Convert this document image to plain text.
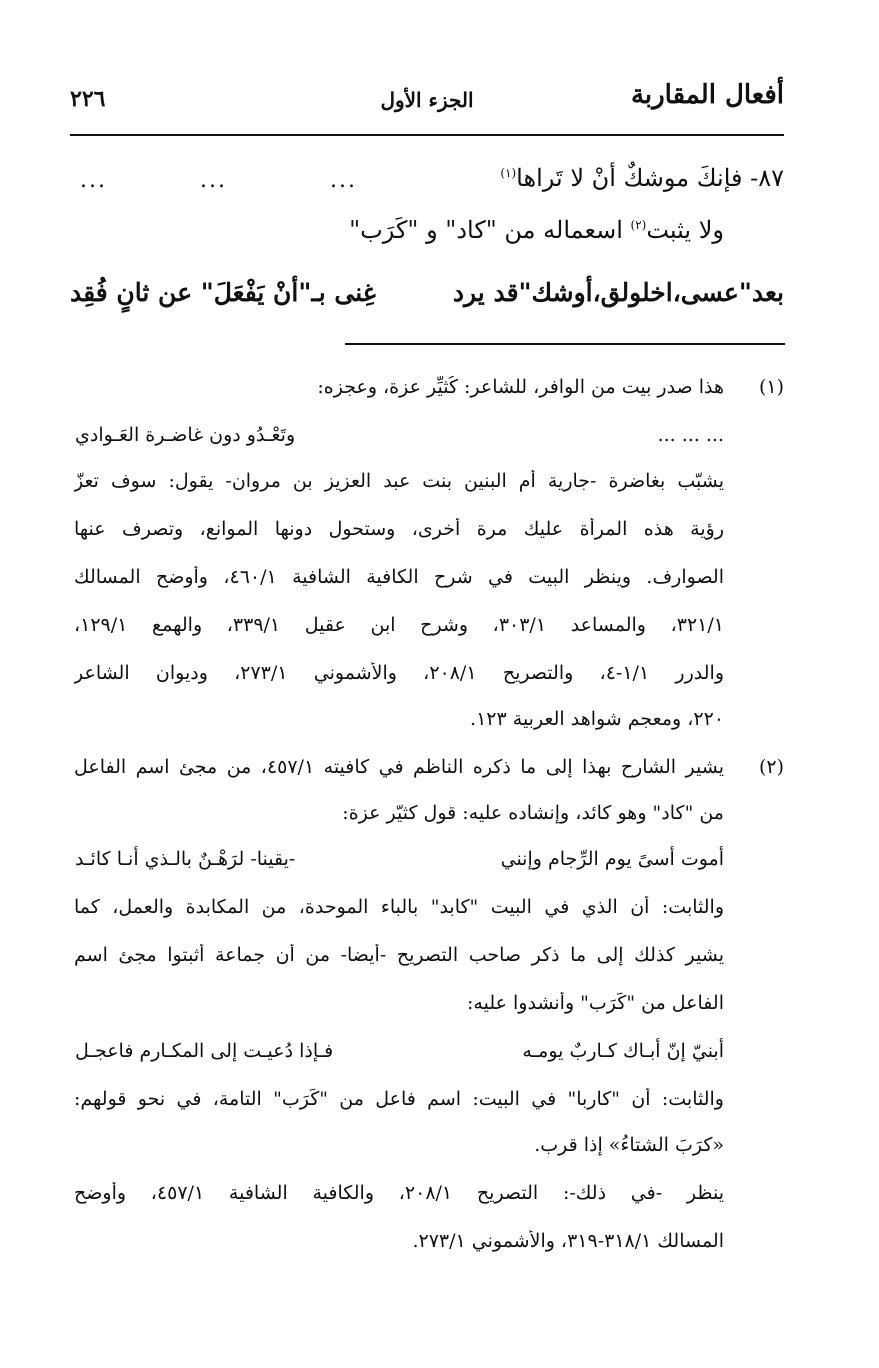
أفعال المقاربة
الجزء الأول
٢٢٦
٨٧- فإنكَ موشكٌ أنْ لا تَراها$^{(١)}$
...
...
...
ولا يثبت$^{(٢)}$ اسعماله من "كاد" و "كَرَب"
بعد"عسى،اخلولق،أوشك"قد يرد
غِنى بـ"أنْ يَفْعَلَ" عن ثانٍ فُقِد
(١)
هذا صدر بيت من الوافر، للشاعر: كُثيِّر عزة، وعجزه:
... ... ...
وتَعْـدُو دون غاضـرة العَـوادي
يشبّب بغاضرة -جارية أم البنين بنت عبد العزيز بن مروان- يقول: سوف تعزّ
رؤية هذه المرأة عليك مرة أخرى، وستحول دونها الموانع، وتصرف عنها
الصوارف. وينظر البيت في شرح الكافية الشافية ٤٦٠/١، وأوضح المسالك
٣٢١/١، والمساعد ٣٠٣/١، وشرح ابن عقيل ٣٣٩/١، والهمع ١٢٩/١،
والدرر ١/١-٤، والتصريح ٢٠٨/١، والأشموني ٢٧٣/١، وديوان الشاعر
٢٢٠، ومعجم شواهد العربية ١٢٣.
(٢)
يشير الشارح بهذا إلى ما ذكره الناظم في كافيته ٤٥٧/١، من مجئ اسم الفاعل
من "كاد" وهو كائد، وإنشاده عليه: قول كثيّر عزة:
أموت أسىً يوم الرِّجام وإنني
-يقينا- لرَهْـنٌ بالـذي أنـا كائـد
والثابت: أن الذي في البيت "كابد" بالباء الموحدة، من المكابدة والعمل، كما
يشير كذلك إلى ما ذكر صاحب التصريح -أيضا- من أن جماعة أثبتوا مجئ اسم
الفاعل من "كَرَب" وأنشدوا عليه:
أبنيّ إنّ أبـاك كـاربٌ يومـه
فـإذا دُعيـت إلى المكـارم فاعجـل
والثابت: أن "كاربا" في البيت: اسم فاعل من "كَرَب" التامة، في نحو قولهم:
«كرَبَ الشتاءُ» إذا قرب.
ينظر -في ذلك-: التصريح ٢٠٨/١، والكافية الشافية ٤٥٧/١، وأوضح
المسالك ٣١٨/١-٣١٩، والأشموني ٢٧٣/١.
